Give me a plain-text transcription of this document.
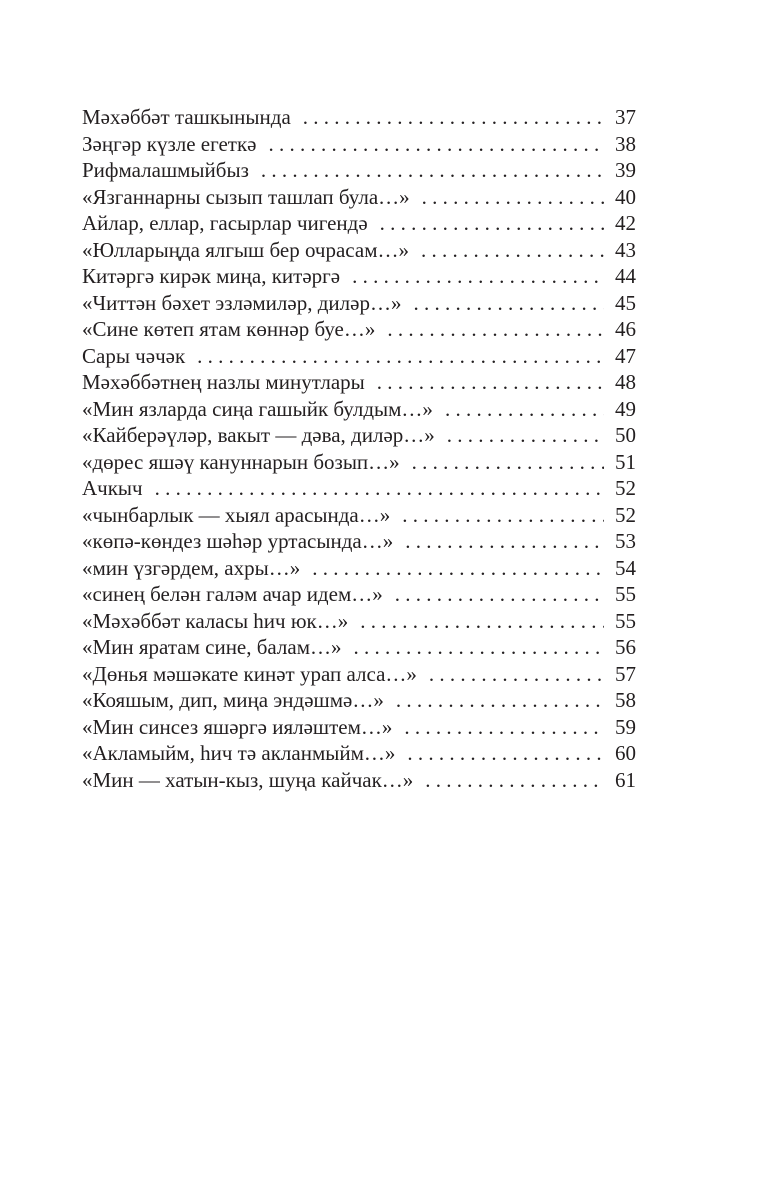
Мәхәббәт ташкынында . . .	37
Зәңгәр күзле егеткә . . .	38
Рифмалашмыйбыз . . .	39
«Язганнарны сызып ташлап була…» . . .	40
Айлар, еллар, гасырлар чигендә . . .	42
«Юлларыңда ялгыш бер очрасам…» . . .	43
Китәргә кирәк миңа, китәргә . . .	44
«Читтән бәхет эзләмиләр, диләр…» . . .	45
«Сине көтеп ятам көннәр буе…» . . .	46
Сары чәчәк . . .	47
Мәхәббәтнең назлы минутлары . . .	48
«Мин язларда сиңа гашыйк булдым…» . . .	49
«Кайберәүләр, вакыт — дәва, диләр…» . . .	50
«дөрес яшәү кануннарын бозып…» . . .	51
Ачкыч . . .	52
«чынбарлык — хыял арасында…» . . .	52
«көпә-көндез шәһәр уртасында…» . . .	53
«мин үзгәрдем, ахры…» . . .	54
«синең белән галәм ачар идем…» . . .	55
«Мәхәббәт каласы һич юк…» . . .	55
«Мин яратам сине, балам…» . . .	56
«Дөнья мәшәкате кинәт урап алса…» . . .	57
«Кояшым, дип, миңа эндәшмә…» . . .	58
«Мин синсез яшәргә ияләштем…» . . .	59
«Акламыйм, һич тә акланмыйм…» . . .	60
«Мин — хатын-кыз, шуңа кайчак…» . . .	61
